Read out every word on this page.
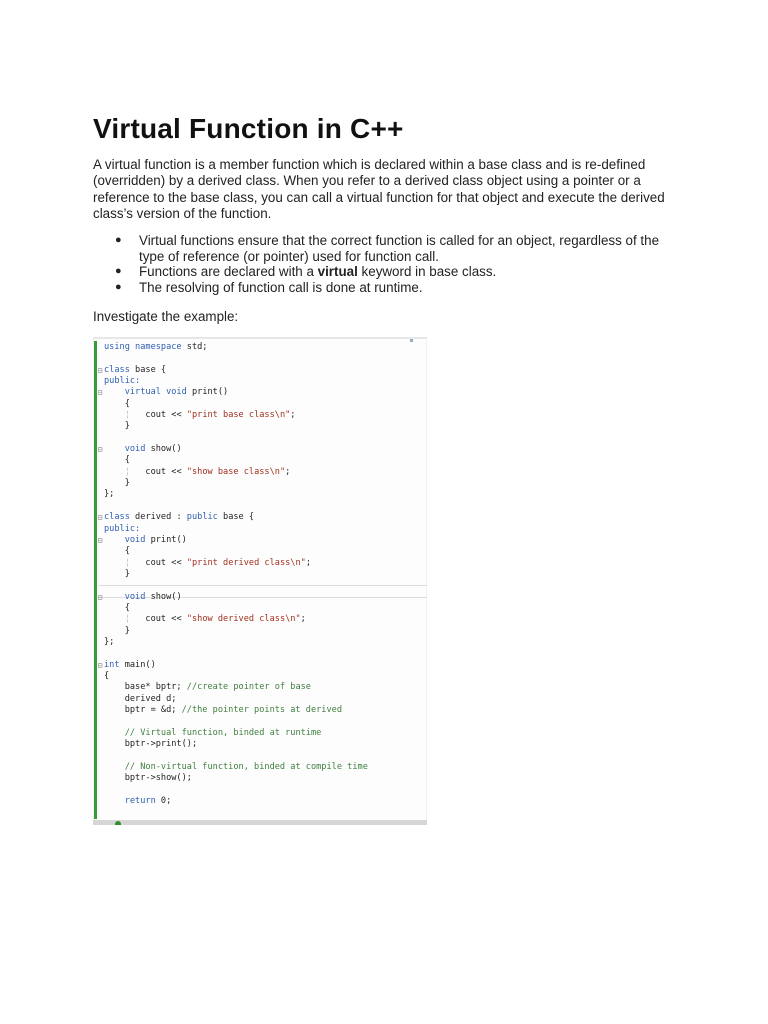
Virtual Function in C++

A virtual function is a member function which is declared within a base class and is re-defined (overridden) by a derived class. When you refer to a derived class object using a pointer or a reference to the base class, you can call a virtual function for that object and execute the derived class’s version of the function.

● Virtual functions ensure that the correct function is called for an object, regardless of the type of reference (or pointer) used for function call.
● Functions are declared with a virtual keyword in base class.
● The resolving of function call is done at runtime.

Investigate the example:

using namespace std;
⊟ class base {
public:
⊟ virtual void print()
{
¦   cout << "print base class\n";
}
⊟ void show()
{
¦   cout << "show base class\n";
}
};
⊟ class derived : public base {
public:
⊟ void print()
{
¦   cout << "print derived class\n";
}
⊟ void show()
{
¦   cout << "show derived class\n";
}
};
⊟ int main()
{
base* bptr; //create pointer of base
derived d;
bptr = &d; //the pointer points at derived
// Virtual function, binded at runtime
bptr->print();
// Non-virtual function, binded at compile time
bptr->show();
return 0;
